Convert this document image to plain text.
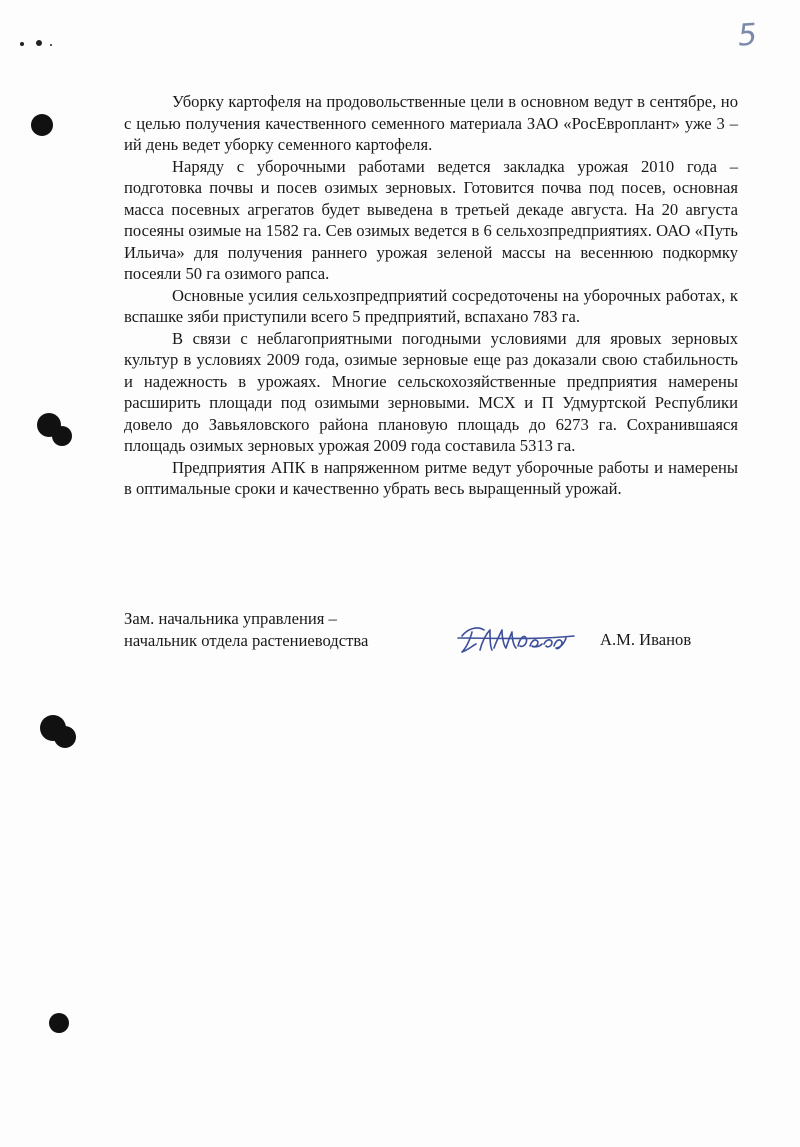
5

Уборку картофеля на продовольственные цели в основном ведут в сентябре, но с целью получения качественного семенного материала ЗАО «РосЕвроплант» уже 3 – ий день ведет уборку семенного картофеля.

Наряду с уборочными работами ведется закладка урожая 2010 года – подготовка почвы и посев озимых зерновых. Готовится почва под посев, основная масса посевных агрегатов будет выведена в третьей декаде августа. На 20 августа посеяны озимые на 1582 га. Сев озимых ведется в 6 сельхозпредприятиях. ОАО «Путь Ильича» для получения раннего урожая зеленой массы на весеннюю подкормку посеяли 50 га озимого рапса.

Основные усилия сельхозпредприятий сосредоточены на уборочных работах, к вспашке зяби приступили всего 5 предприятий, вспахано 783 га.

В связи с неблагоприятными погодными условиями для яровых зерновых культур в условиях 2009 года, озимые зерновые еще раз доказали свою стабильность и надежность в урожаях. Многие сельскохозяйственные предприятия намерены расширить площади под озимыми зерновыми. МСХ и П Удмуртской Республики довело до Завьяловского района плановую площадь до 6273 га. Сохранившаяся площадь озимых зерновых урожая 2009 года составила 5313 га.

Предприятия АПК в напряженном ритме ведут уборочные работы и намерены в оптимальные сроки и качественно убрать весь выращенный урожай.

Зам. начальника управления –
начальник отдела растениеводства	А.М. Иванов
